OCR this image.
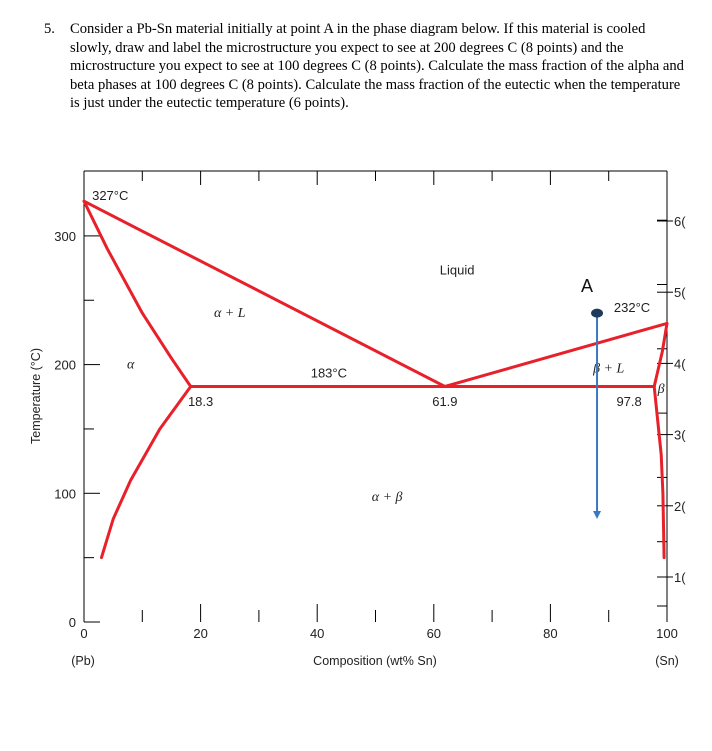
5. Consider a Pb-Sn material initially at point A in the phase diagram below. If this material is cooled slowly, draw and label the microstructure you expect to see at 200 degrees C (8 points) and the microstructure you expect to see at 100 degrees C (8 points). Calculate the mass fraction of the alpha and beta phases at 100 degrees C (8 points). Calculate the mass fraction of the eutectic when the temperature is just under the eutectic temperature (6 points).
1(
2(
3(
4(
5(
6(
0	20	40	60	80	100
0
100
200
300
(Pb)	(Sn)
Composition (wt% Sn)
Temperature (°C)
327°C
232°C
183°C
18.3	61.9	97.8
Liquid
α + L
α	β + L
β
α + β
A
